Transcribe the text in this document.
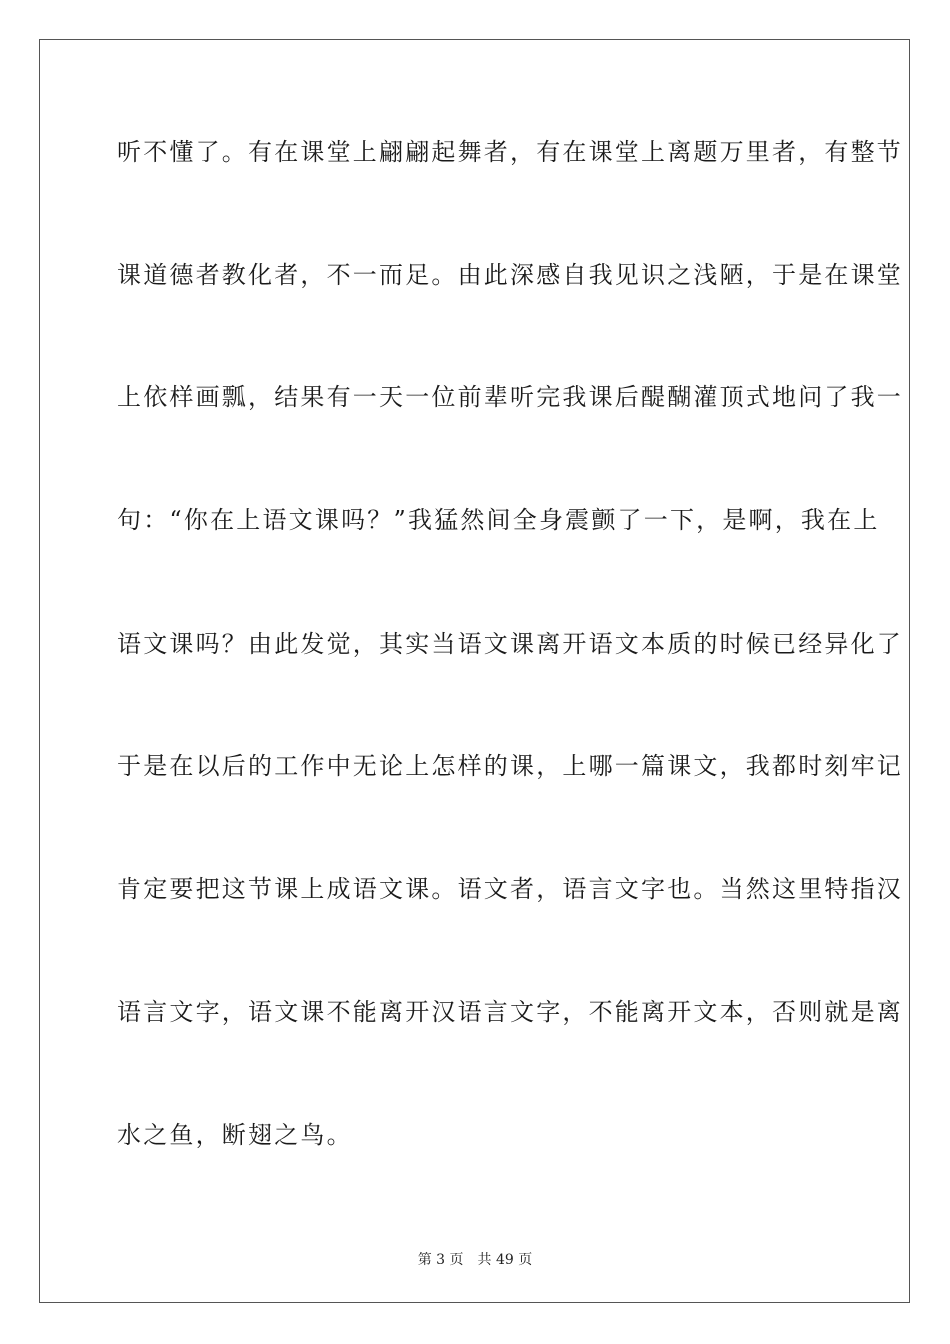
听不懂了。有在课堂上翩翩起舞者，有在课堂上离题万里者，有整节
课道德者教化者，不一而足。由此深感自我见识之浅陋，于是在课堂
上依样画瓢，结果有一天一位前辈听完我课后醍醐灌顶式地问了我一
句：“你在上语文课吗？”我猛然间全身震颤了一下，是啊，我在上
语文课吗？由此发觉，其实当语文课离开语文本质的时候已经异化了
于是在以后的工作中无论上怎样的课，上哪一篇课文，我都时刻牢记
肯定要把这节课上成语文课。语文者，语言文字也。当然这里特指汉
语言文字，语文课不能离开汉语言文字，不能离开文本，否则就是离
水之鱼，断翅之鸟。
第 3 页 共 49 页
